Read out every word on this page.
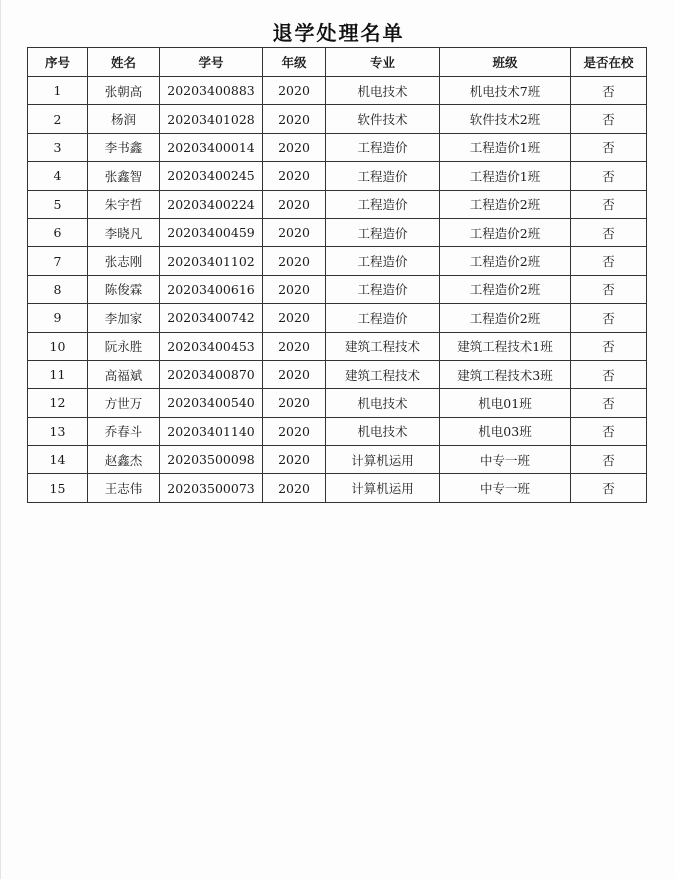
退学处理名单
序号	姓名	学号	年级	专业	班级	是否在校
1	张朝高	20203400883	2020	机电技术	机电技术7班	否
2	杨润	20203401028	2020	软件技术	软件技术2班	否
3	李书鑫	20203400014	2020	工程造价	工程造价1班	否
4	张鑫智	20203400245	2020	工程造价	工程造价1班	否
5	朱宇哲	20203400224	2020	工程造价	工程造价2班	否
6	李晓凡	20203400459	2020	工程造价	工程造价2班	否
7	张志刚	20203401102	2020	工程造价	工程造价2班	否
8	陈俊霖	20203400616	2020	工程造价	工程造价2班	否
9	李加家	20203400742	2020	工程造价	工程造价2班	否
10	阮永胜	20203400453	2020	建筑工程技术	建筑工程技术1班	否
11	高福斌	20203400870	2020	建筑工程技术	建筑工程技术3班	否
12	方世万	20203400540	2020	机电技术	机电01班	否
13	乔春斗	20203401140	2020	机电技术	机电03班	否
14	赵鑫杰	20203500098	2020	计算机运用	中专一班	否
15	王志伟	20203500073	2020	计算机运用	中专一班	否
